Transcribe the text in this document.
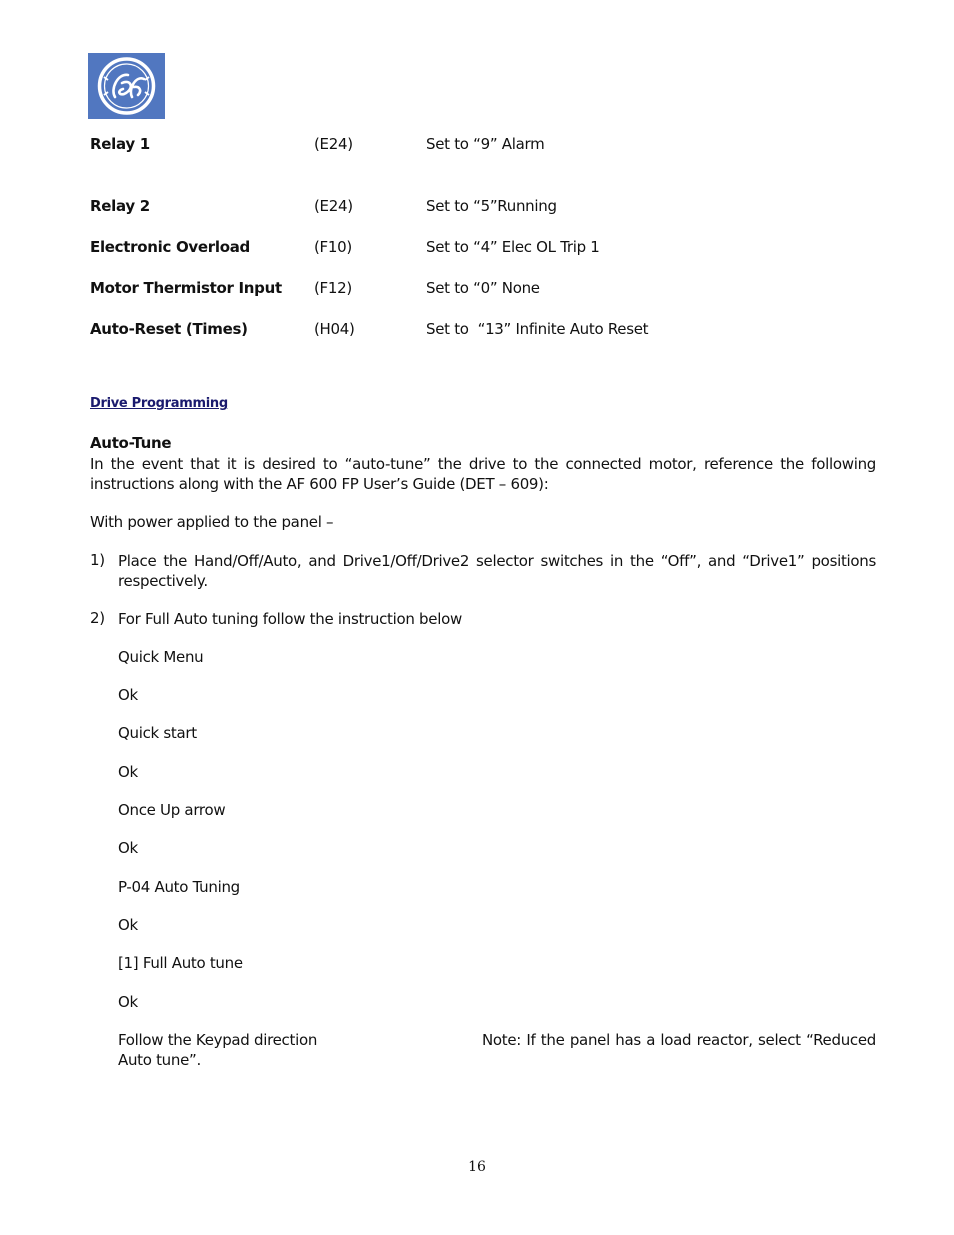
Relay 1	(E24)	Set to “9” Alarm
Relay 2	(E24)	Set to “5”Running
Electronic Overload	(F10)	Set to “4” Elec OL Trip 1
Motor Thermistor Input (F12)	Set to “0” None
Auto-Reset (Times)	(H04)	Set to  “13” Infinite Auto Reset
Drive Programming
Auto-Tune
In the event that it is desired to “auto-tune” the drive to the connected motor, reference the following instructions along with the AF 600 FP User’s Guide (DET – 609):
With power applied to the panel –
1) Place the Hand/Off/Auto, and Drive1/Off/Drive2 selector switches in the “Off”, and “Drive1” positions respectively.
2) For Full Auto tuning follow the instruction below
Quick Menu
Ok
Quick start
Ok
Once Up arrow
Ok
P-04 Auto Tuning
Ok
[1] Full Auto tune
Ok
Follow the Keypad direction	Note: If the panel has a load reactor, select “Reduced
Auto tune”.
16
